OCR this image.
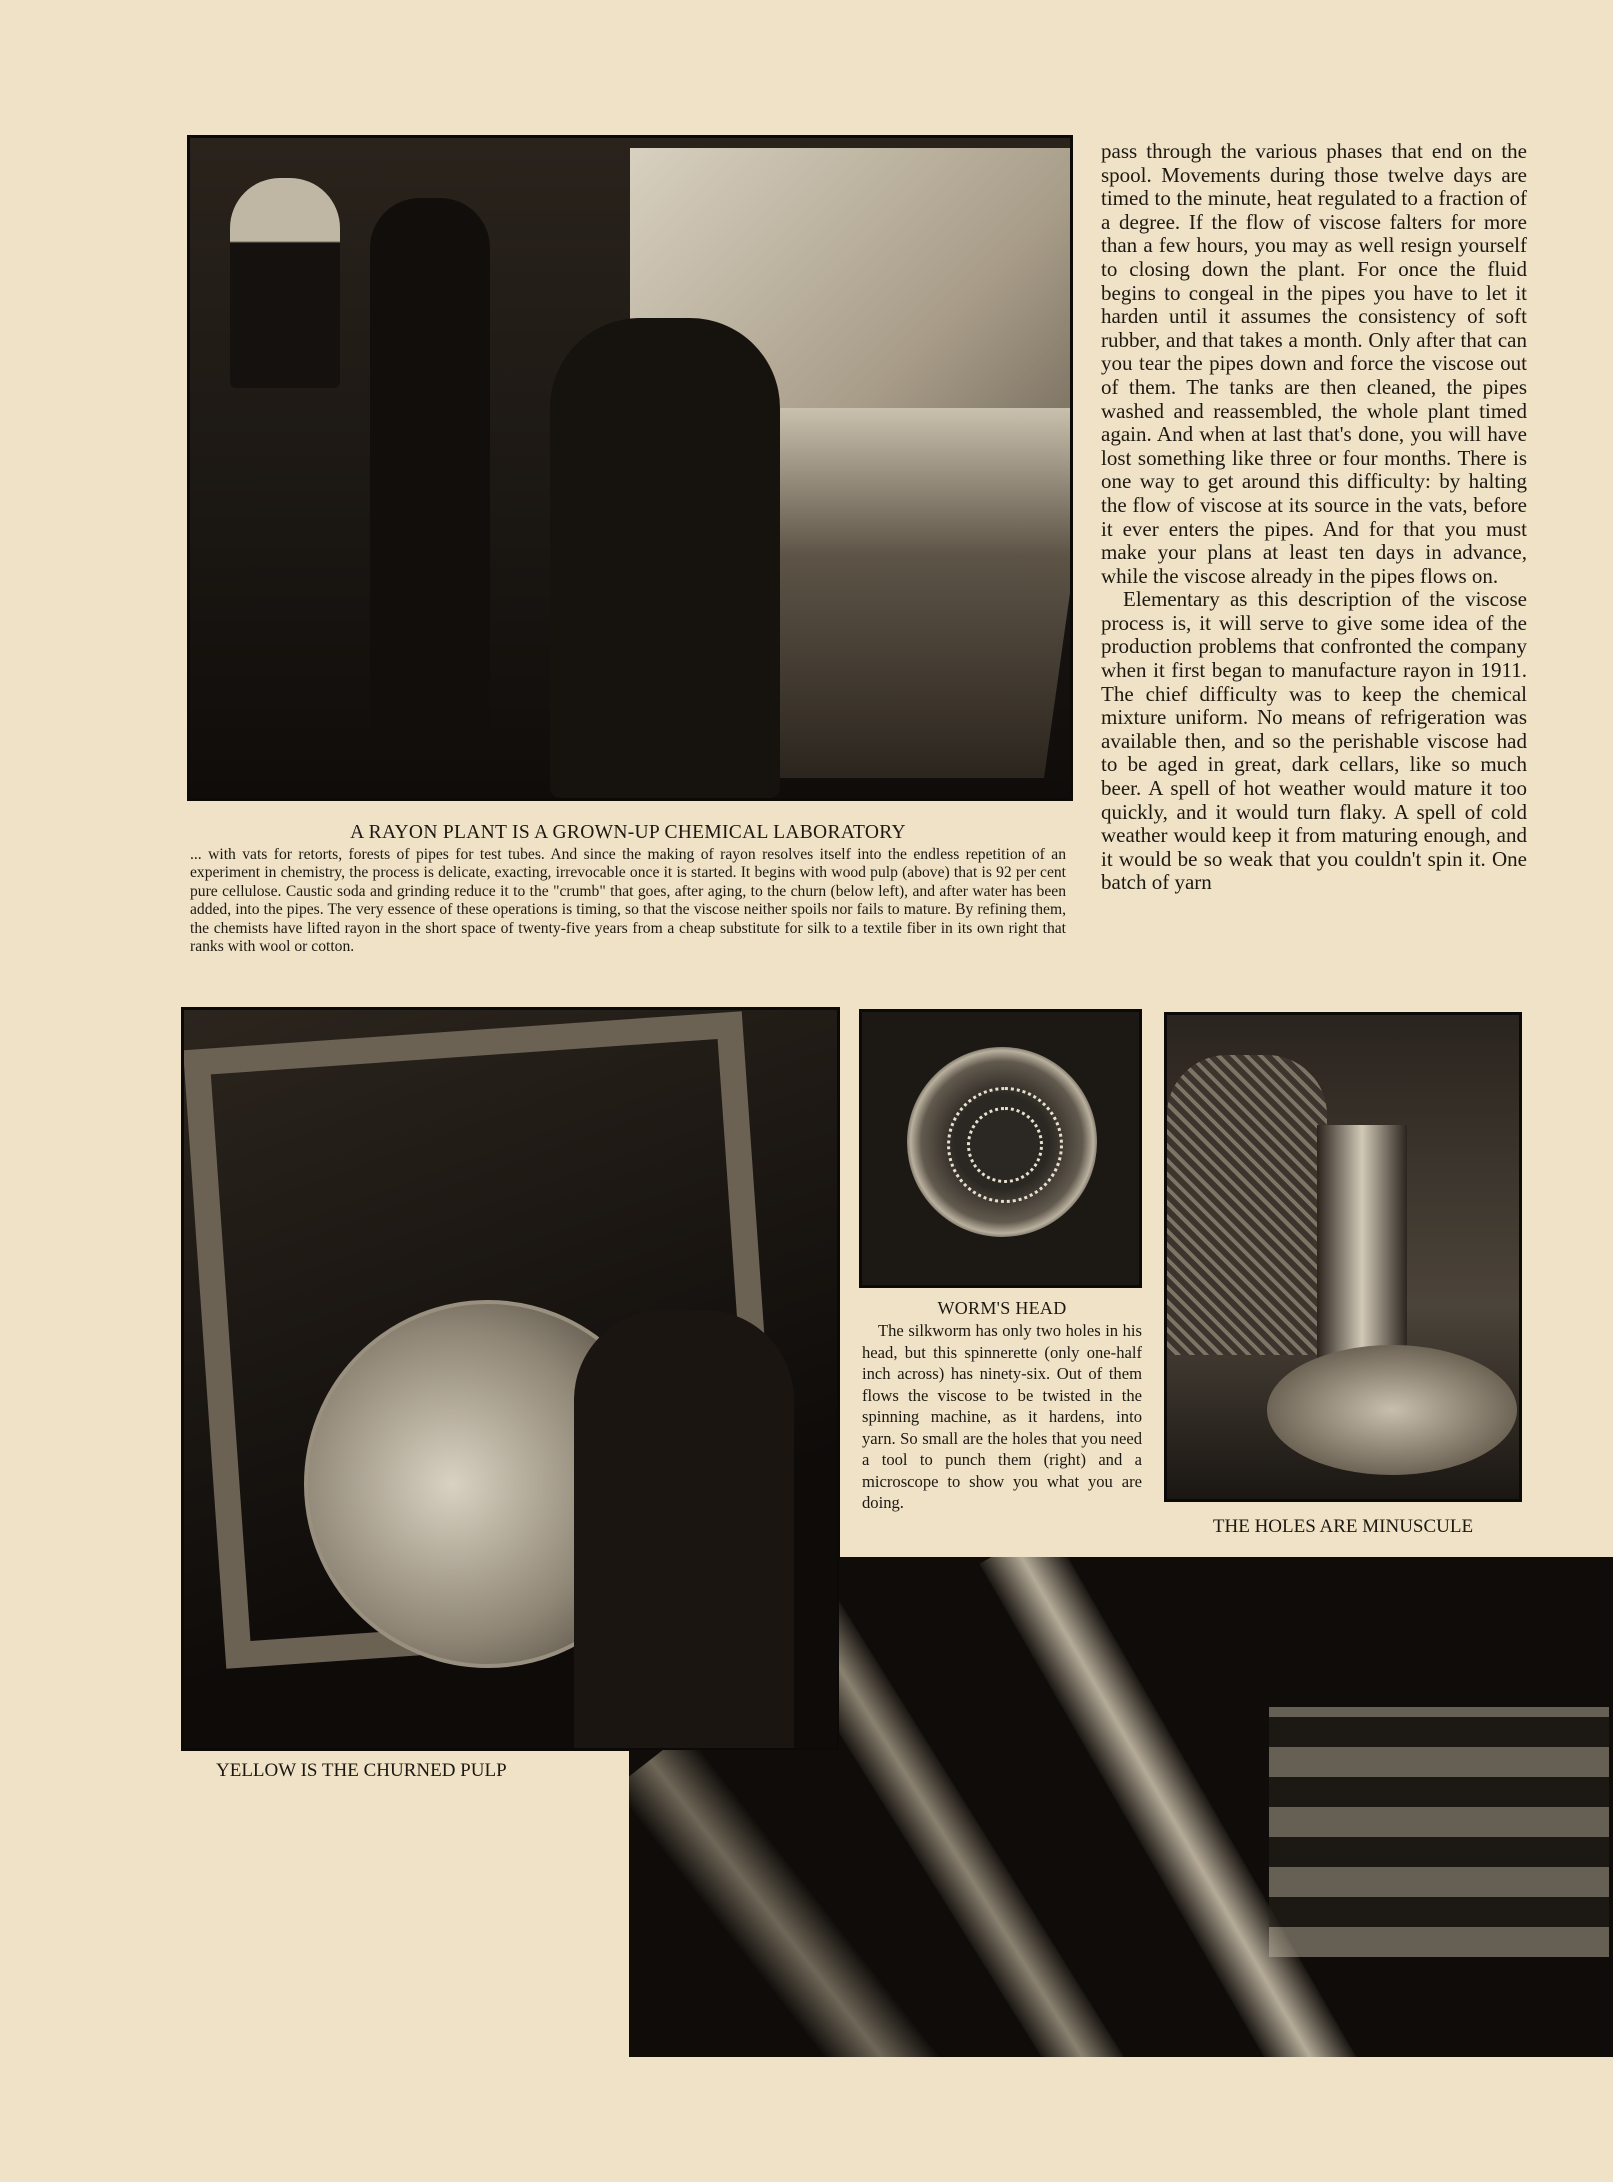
pass through the various phases that end on the spool. Movements during those twelve days are timed to the minute, heat regulated to a fraction of a degree. If the flow of viscose falters for more than a few hours, you may as well resign yourself to closing down the plant. For once the fluid begins to congeal in the pipes you have to let it harden until it assumes the consistency of soft rubber, and that takes a month. Only after that can you tear the pipes down and force the viscose out of them. The tanks are then cleaned, the pipes washed and reassembled, the whole plant timed again. And when at last that's done, you will have lost something like three or four months. There is one way to get around this difficulty: by halting the flow of viscose at its source in the vats, before it ever enters the pipes. And for that you must make your plans at least ten days in advance, while the viscose already in the pipes flows on.

Elementary as this description of the viscose process is, it will serve to give some idea of the production problems that confronted the company when it first began to manufacture rayon in 1911. The chief difficulty was to keep the chemical mixture uniform. No means of refrigeration was available then, and so the perishable viscose had to be aged in great, dark cellars, like so much beer. A spell of hot weather would mature it too quickly, and it would turn flaky. A spell of cold weather would keep it from maturing enough, and it would be so weak that you couldn't spin it. One batch of yarn

A RAYON PLANT IS A GROWN-UP CHEMICAL LABORATORY

... with vats for retorts, forests of pipes for test tubes. And since the making of rayon resolves itself into the endless repetition of an experiment in chemistry, the process is delicate, exacting, irrevocable once it is started. It begins with wood pulp (above) that is 92 per cent pure cellulose. Caustic soda and grinding reduce it to the "crumb" that goes, after aging, to the churn (below left), and after water has been added, into the pipes. The very essence of these operations is timing, so that the viscose neither spoils nor fails to mature. By refining them, the chemists have lifted rayon in the short space of twenty-five years from a cheap substitute for silk to a textile fiber in its own right that ranks with wool or cotton.

YELLOW IS THE CHURNED PULP
WORM'S HEAD

The silkworm has only two holes in his head, but this spinnerette (only one-half inch across) has ninety-six. Out of them flows the viscose to be twisted in the spinning machine, as it hardens, into yarn. So small are the holes that you need a tool to punch them (right) and a microscope to show you what you are doing.

THE HOLES ARE MINUSCULE
